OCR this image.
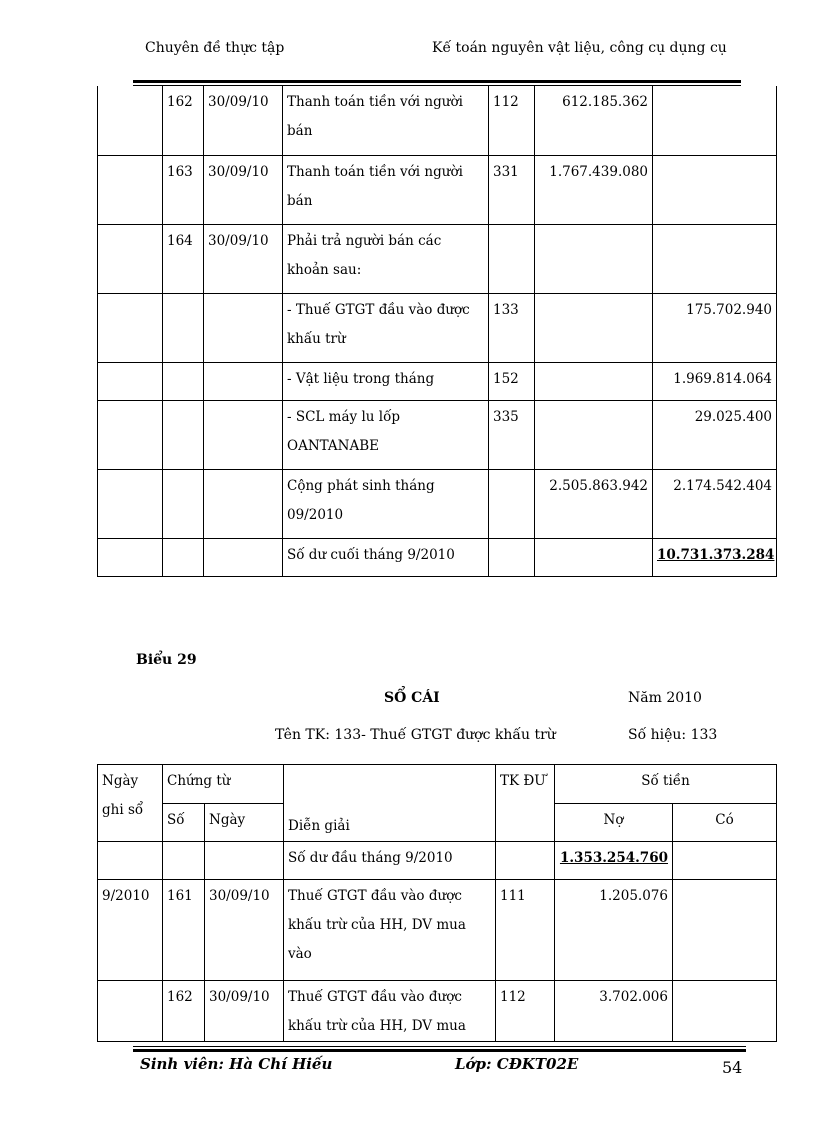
Chuyên đề thực tập	Kế toán nguyên vật liệu, công cụ dụng cụ
	162	30/09/10	Thanh toán tiền với người bán	112	612.185.362	
	163	30/09/10	Thanh toán tiền với người bán	331	1.767.439.080	
	164	30/09/10	Phải trả người bán các khoản sau:			
			- Thuế GTGT đầu vào được khấu trừ	133		175.702.940
			- Vật liệu trong tháng	152		1.969.814.064
			- SCL máy lu lốp OANTANABE	335		29.025.400
			Cộng phát sinh tháng 09/2010		2.505.863.942	2.174.542.404
			Số dư cuối tháng 9/2010			10.731.373.284
Biểu 29
SỔ CÁI	Năm 2010
Tên TK: 133- Thuế GTGT được khấu trừ	Số hiệu: 133
Ngày ghi sổ	Chứng từ		Diễn giải	TK ĐƯ	Số tiền	
	Số	Ngày			Nợ	Có
			Số dư đầu tháng 9/2010		1.353.254.760	
9/2010	161	30/09/10	Thuế GTGT đầu vào được khấu trừ của HH, DV mua vào	111	1.205.076	
	162	30/09/10	Thuế GTGT đầu vào được khấu trừ của HH, DV mua	112	3.702.006	
Sinh viên: Hà Chí Hiếu	Lớp: CĐKT02E	54
